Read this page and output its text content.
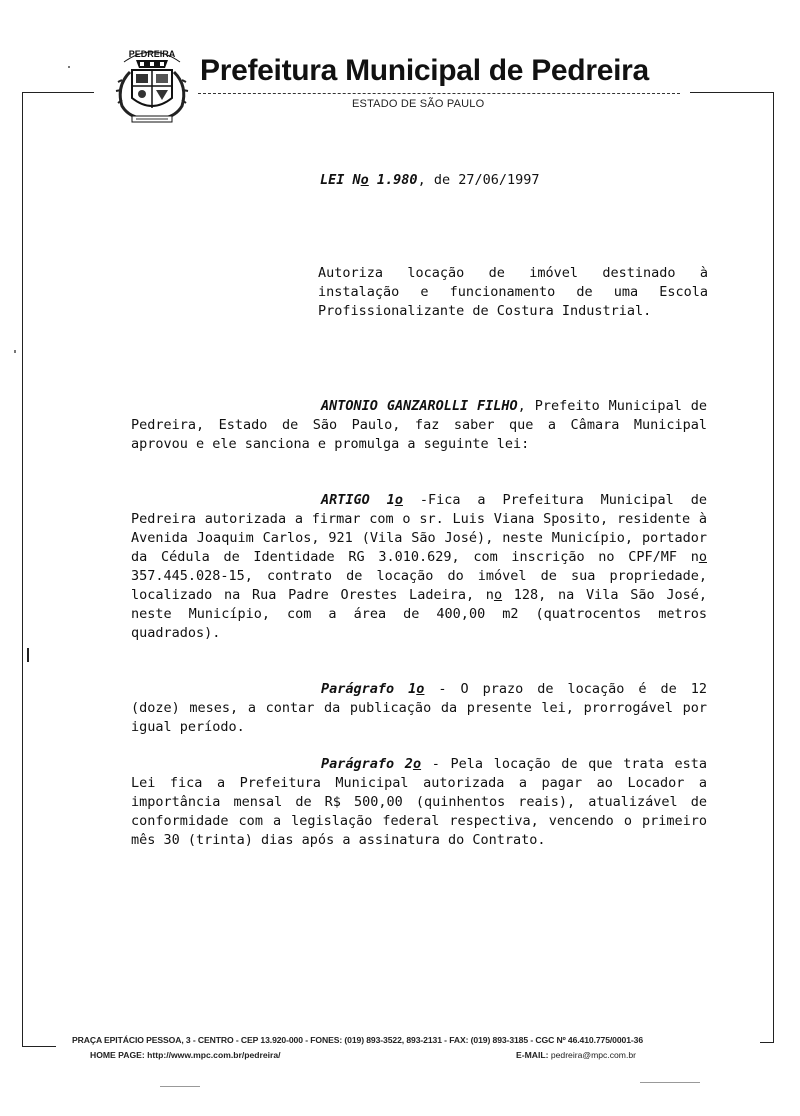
PEDREIRA Prefeitura Municipal de Pedreira
ESTADO DE SÃO PAULO
LEI No 1.980, de 27/06/1997
Autoriza locação de imóvel destinado à instalação e funcionamento de uma Escola Profissionalizante de Costura Industrial.

ANTONIO GANZAROLLI FILHO, Prefeito Municipal de Pedreira, Estado de São Paulo, faz saber que a Câmara Municipal aprovou e ele sanciona e promulga a seguinte lei:

ARTIGO 1o -Fica a Prefeitura Municipal de Pedreira autorizada a firmar com o sr. Luis Viana Sposito, residente à Avenida Joaquim Carlos, 921 (Vila São José), neste Município, portador da Cédula de Identidade RG 3.010.629, com inscrição no CPF/MF no 357.445.028-15, contrato de locação do imóvel de sua propriedade, localizado na Rua Padre Orestes Ladeira, no 128, na Vila São José, neste Município, com a área de 400,00 m2 (quatrocentos metros quadrados).

Parágrafo 1o - O prazo de locação é de 12 (doze) meses, a contar da publicação da presente lei, prorrogável por igual período.

Parágrafo 2o - Pela locação de que trata esta Lei fica a Prefeitura Municipal autorizada a pagar ao Locador a importância mensal de R$ 500,00 (quinhentos reais), atualizável de conformidade com a legislação federal respectiva, vencendo o primeiro mês 30 (trinta) dias após a assinatura do Contrato.

PRAÇA EPITÁCIO PESSOA, 3 - CENTRO - CEP 13.920-000 - FONES: (019) 893-3522, 893-2131 - FAX: (019) 893-3185 - CGC Nº 46.410.775/0001-36
HOME PAGE: http://www.mpc.com.br/pedreira/	E-MAIL: pedreira@mpc.com.br
